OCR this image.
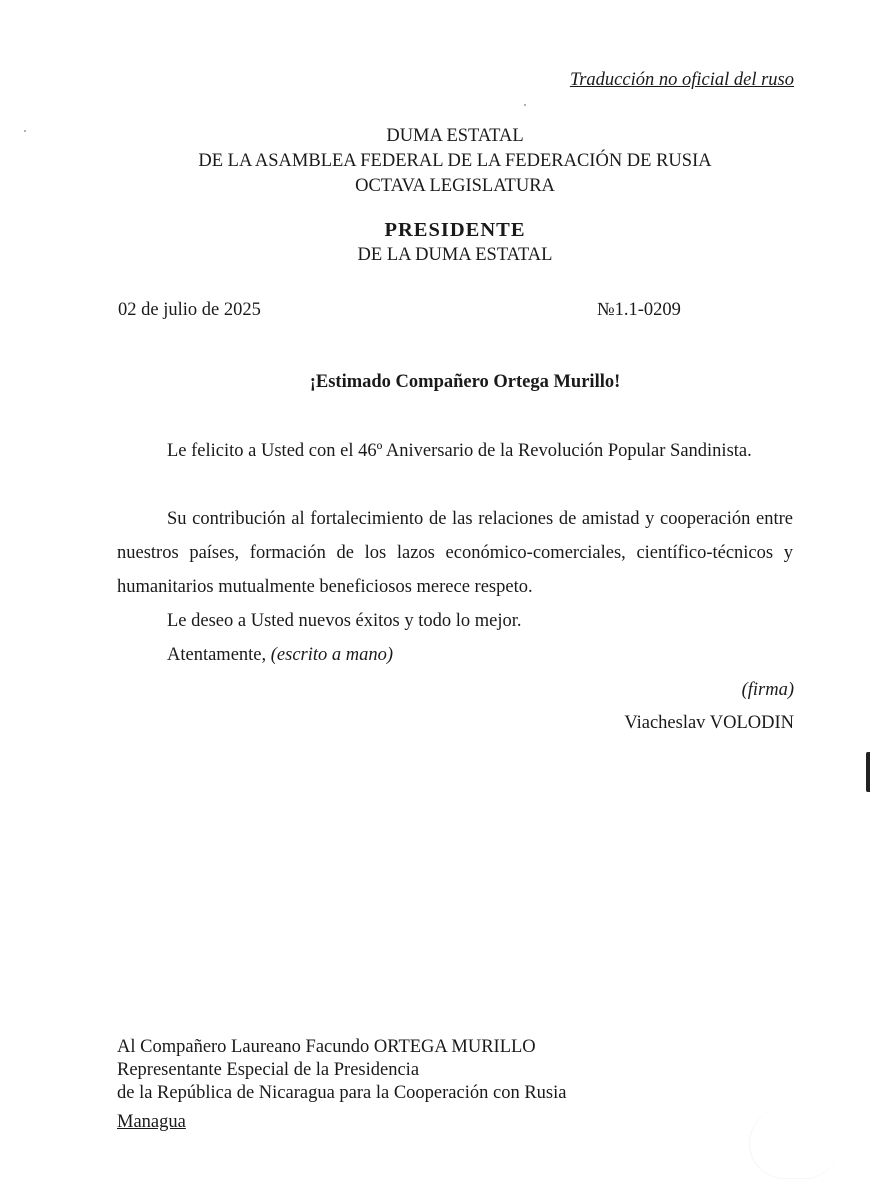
Traducción no oficial del ruso
DUMA ESTATAL
DE LA ASAMBLEA FEDERAL DE LA FEDERACIÓN DE RUSIA
OCTAVA LEGISLATURA
PRESIDENTE
DE LA DUMA ESTATAL
02 de julio de 2025	№1.1-0209
¡Estimado Compañero Ortega Murillo!

Le felicito a Usted con el 46º Aniversario de la Revolución Popular Sandinista.

Su contribución al fortalecimiento de las relaciones de amistad y cooperación entre nuestros países, formación de los lazos económico-comerciales, científico-técnicos y humanitarios mutualmente beneficiosos merece respeto.

Le deseo a Usted nuevos éxitos y todo lo mejor.
Atentamente, (escrito a mano)
(firma)
Viacheslav VOLODIN
Al Compañero Laureano Facundo ORTEGA MURILLO
Representante Especial de la Presidencia
de la República de Nicaragua para la Cooperación con Rusia
Managua
